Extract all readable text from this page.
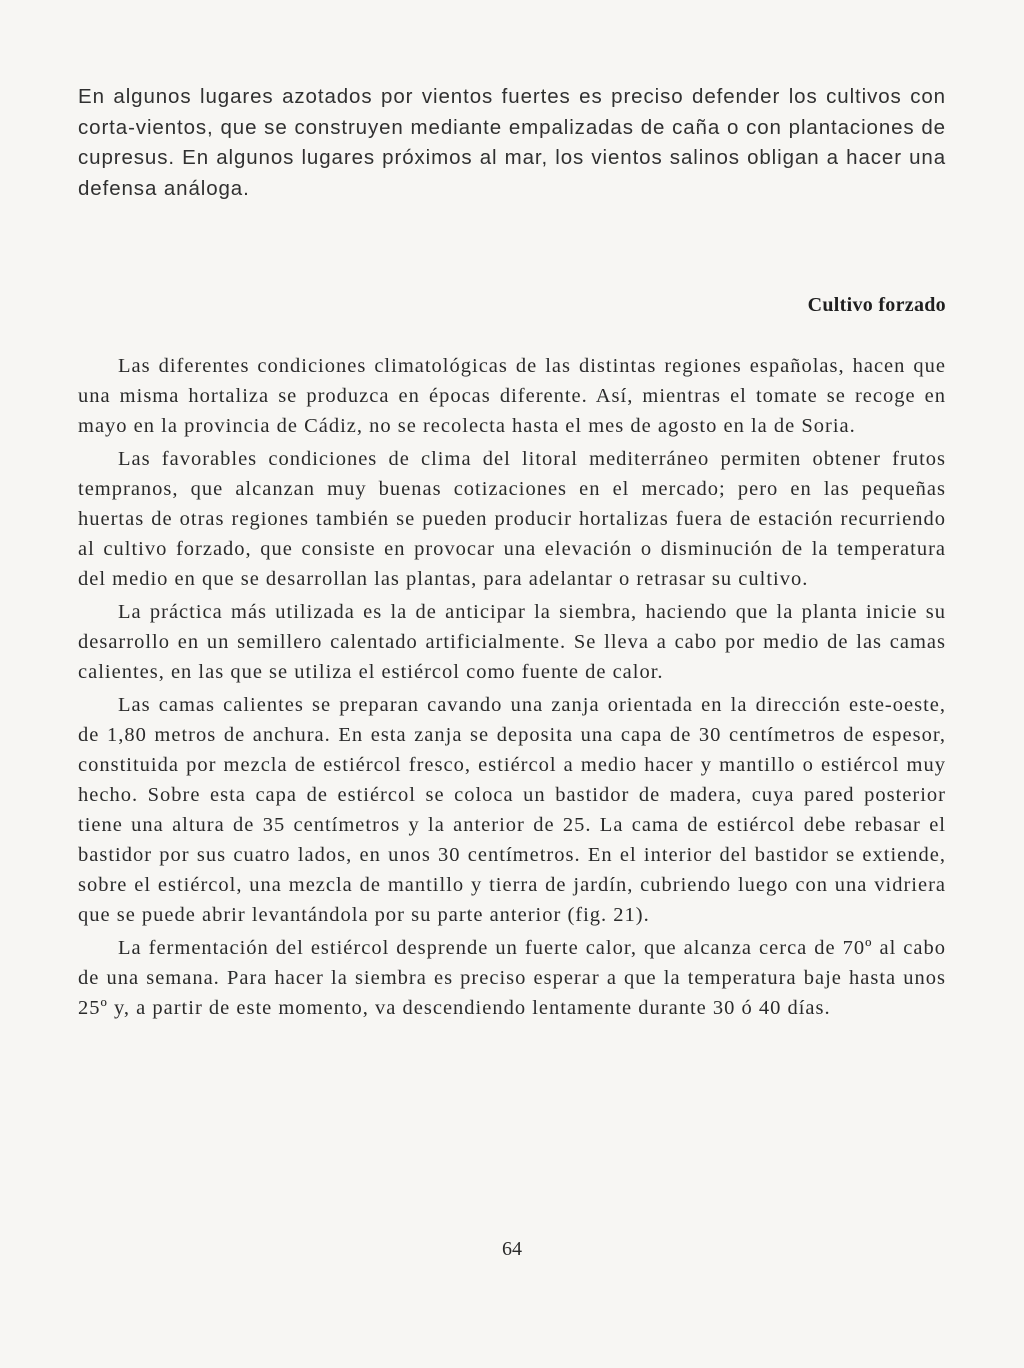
En algunos lugares azotados por vientos fuertes es preciso defender los cultivos con corta-vientos, que se construyen mediante empalizadas de caña o con plantaciones de cupresus. En algunos lugares próximos al mar, los vientos salinos obligan a hacer una defensa análoga.

Cultivo forzado

Las diferentes condiciones climatológicas de las distintas regiones españolas, hacen que una misma hortaliza se produzca en épocas diferente. Así, mientras el tomate se recoge en mayo en la provincia de Cádiz, no se recolecta hasta el mes de agosto en la de Soria.

Las favorables condiciones de clima del litoral mediterráneo permiten obtener frutos tempranos, que alcanzan muy buenas cotizaciones en el mercado; pero en las pequeñas huertas de otras regiones también se pueden producir hortalizas fuera de estación recurriendo al cultivo forzado, que consiste en provocar una elevación o disminución de la temperatura del medio en que se desarrollan las plantas, para adelantar o retrasar su cultivo.

La práctica más utilizada es la de anticipar la siembra, haciendo que la planta inicie su desarrollo en un semillero calentado artificialmente. Se lleva a cabo por medio de las camas calientes, en las que se utiliza el estiércol como fuente de calor.

Las camas calientes se preparan cavando una zanja orientada en la dirección este-oeste, de 1,80 metros de anchura. En esta zanja se deposita una capa de 30 centímetros de espesor, constituida por mezcla de estiércol fresco, estiércol a medio hacer y mantillo o estiércol muy hecho. Sobre esta capa de estiércol se coloca un bastidor de madera, cuya pared posterior tiene una altura de 35 centímetros y la anterior de 25. La cama de estiércol debe rebasar el bastidor por sus cuatro lados, en unos 30 centímetros. En el interior del bastidor se extiende, sobre el estiércol, una mezcla de mantillo y tierra de jardín, cubriendo luego con una vidriera que se puede abrir levantándola por su parte anterior (fig. 21).

La fermentación del estiércol desprende un fuerte calor, que alcanza cerca de 70º al cabo de una semana. Para hacer la siembra es preciso esperar a que la temperatura baje hasta unos 25º y, a partir de este momento, va descendiendo lentamente durante 30 ó 40 días.

64
